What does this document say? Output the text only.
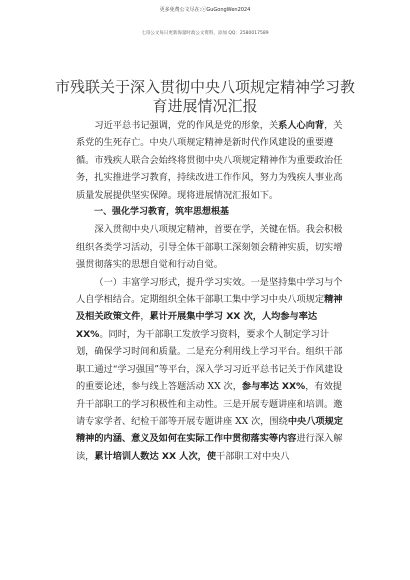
更多免费公文尽在:ⓒGuGongWen2024
七哥公文每日更新海量时政公文资料，添加 QQ：2580017589
市残联关于深入贯彻中央八项规定精神学习教育进展情况汇报

习近平总书记强调，党的作风是党的形象，关系人心向背，关系党的生死存亡。中央八项规定精神是新时代作风建设的重要遵循。市残疾人联合会始终将贯彻中央八项规定精神作为重要政治任务，扎实推进学习教育，持续改进工作作风，努力为残疾人事业高质量发展提供坚实保障。现将进展情况汇报如下。

一、强化学习教育，筑牢思想根基

深入贯彻中央八项规定精神，首要在学，关键在悟。我会积极组织各类学习活动，引导全体干部职工深刻领会精神实质，切实增强贯彻落实的思想自觉和行动自觉。

（一）丰富学习形式，提升学习实效。一是坚持集中学习与个人自学相结合。定期组织全体干部职工集中学习中央八项规定精神及相关政策文件，累计开展集中学习 XX 次，人均参与率达 XX%。同时，为干部职工发放学习资料，要求个人制定学习计划，确保学习时间和质量。二是充分利用线上学习平台。组织干部职工通过“学习强国”等平台，深入学习习近平总书记关于作风建设的重要论述，参与线上答题活动 XX 次，参与率达 XX%，有效提升干部职工的学习积极性和主动性。三是开展专题讲座和培训。邀请专家学者、纪检干部等开展专题讲座 XX 次，围绕中央八项规定精神的内涵、意义及如何在实际工作中贯彻落实等内容进行深入解读，累计培训人数达 XX 人次，使干部职工对中央八
